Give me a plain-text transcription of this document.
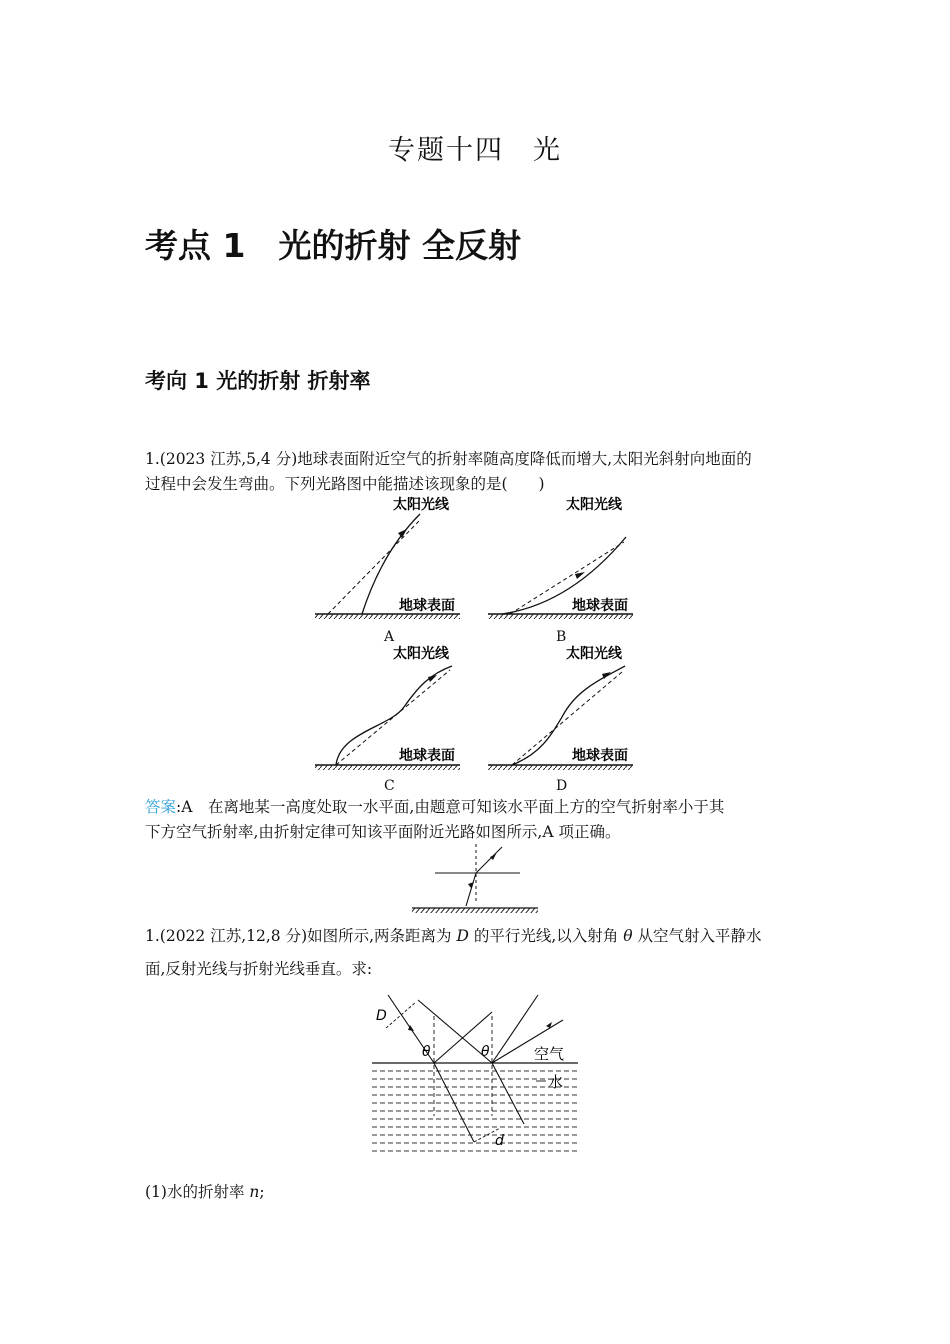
专题十四　光
考点 1　光的折射 全反射
考向 1 光的折射 折射率
1.(2023 江苏,5,4 分)地球表面附近空气的折射率随高度降低而增大,太阳光斜射向地面的
过程中会发生弯曲。下列光路图中能描述该现象的是(　　)
太阳光线
地球表面
太阳光线
地球表面
太阳光线
地球表面
太阳光线
地球表面
A	B
C	D
答案:A　在离地某一高度处取一水平面,由题意可知该水平面上方的空气折射率小于其
下方空气折射率,由折射定律可知该平面附近光路如图所示,A 项正确。
1.(2022 江苏,12,8 分)如图所示,两条距离为 D 的平行光线,以入射角 θ 从空气射入平静水
面,反射光线与折射光线垂直。求:
D
d
θ	θ	空气
水
(1)水的折射率 n;
